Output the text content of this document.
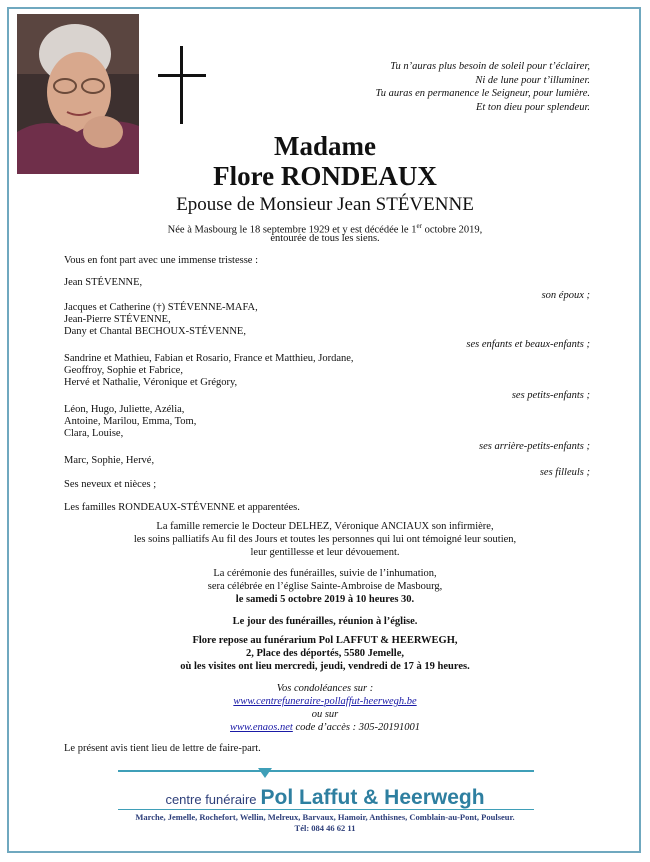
Tu n’auras plus besoin de soleil pour t’éclairer,
Ni de lune pour t’illuminer.
Tu auras en permanence le Seigneur, pour lumière.
Et ton dieu pour splendeur.
Madame
Flore RONDEAUX
Epouse de Monsieur Jean STÉVENNE
Née à Masbourg le 18 septembre 1929 et y est décédée le 1er octobre 2019,
entourée de tous les siens.
Vous en font part avec une immense tristesse :
Jean STÉVENNE,
son époux ;
Jacques et Catherine (†) STÉVENNE-MAFA,
Jean-Pierre STÉVENNE,
Dany et Chantal BECHOUX-STÉVENNE,
ses enfants et beaux-enfants ;
Sandrine et Mathieu, Fabian et Rosario, France et Matthieu, Jordane,
Geoffroy, Sophie et Fabrice,
Hervé et Nathalie, Véronique et Grégory,
ses petits-enfants ;
Léon, Hugo, Juliette, Azélia,
Antoine, Marilou, Emma, Tom,
Clara, Louise,
ses arrière-petits-enfants ;
Marc, Sophie, Hervé,
ses filleuls ;
Ses neveux et nièces ;
Les familles RONDEAUX-STÉVENNE et apparentées.
La famille remercie le Docteur DELHEZ, Véronique ANCIAUX son infirmière,
les soins palliatifs Au fil des Jours et toutes les personnes qui lui ont témoigné leur soutien,
leur gentillesse et leur dévouement.
La cérémonie des funérailles, suivie de l’inhumation,
sera célébrée en l’église Sainte-Ambroise de Masbourg,
le samedi 5 octobre 2019 à 10 heures 30.
Le jour des funérailles, réunion à l’église.
Flore repose au funérarium Pol LAFFUT & HEERWEGH,
2, Place des déportés, 5580 Jemelle,
où les visites ont lieu mercredi, jeudi, vendredi de 17 à 19 heures.
Vos condoléances sur :
www.centrefuneraire-pollaffut-heerwegh.be
ou sur
www.enaos.net code d’accès : 305-20191001
Le présent avis tient lieu de lettre de faire-part.
centre funéraire Pol Laffut & Heerwegh
Marche, Jemelle, Rochefort, Wellin, Melreux, Barvaux, Hamoir, Anthisnes, Comblain-au-Pont, Poulseur.
Tél: 084 46 62 11
